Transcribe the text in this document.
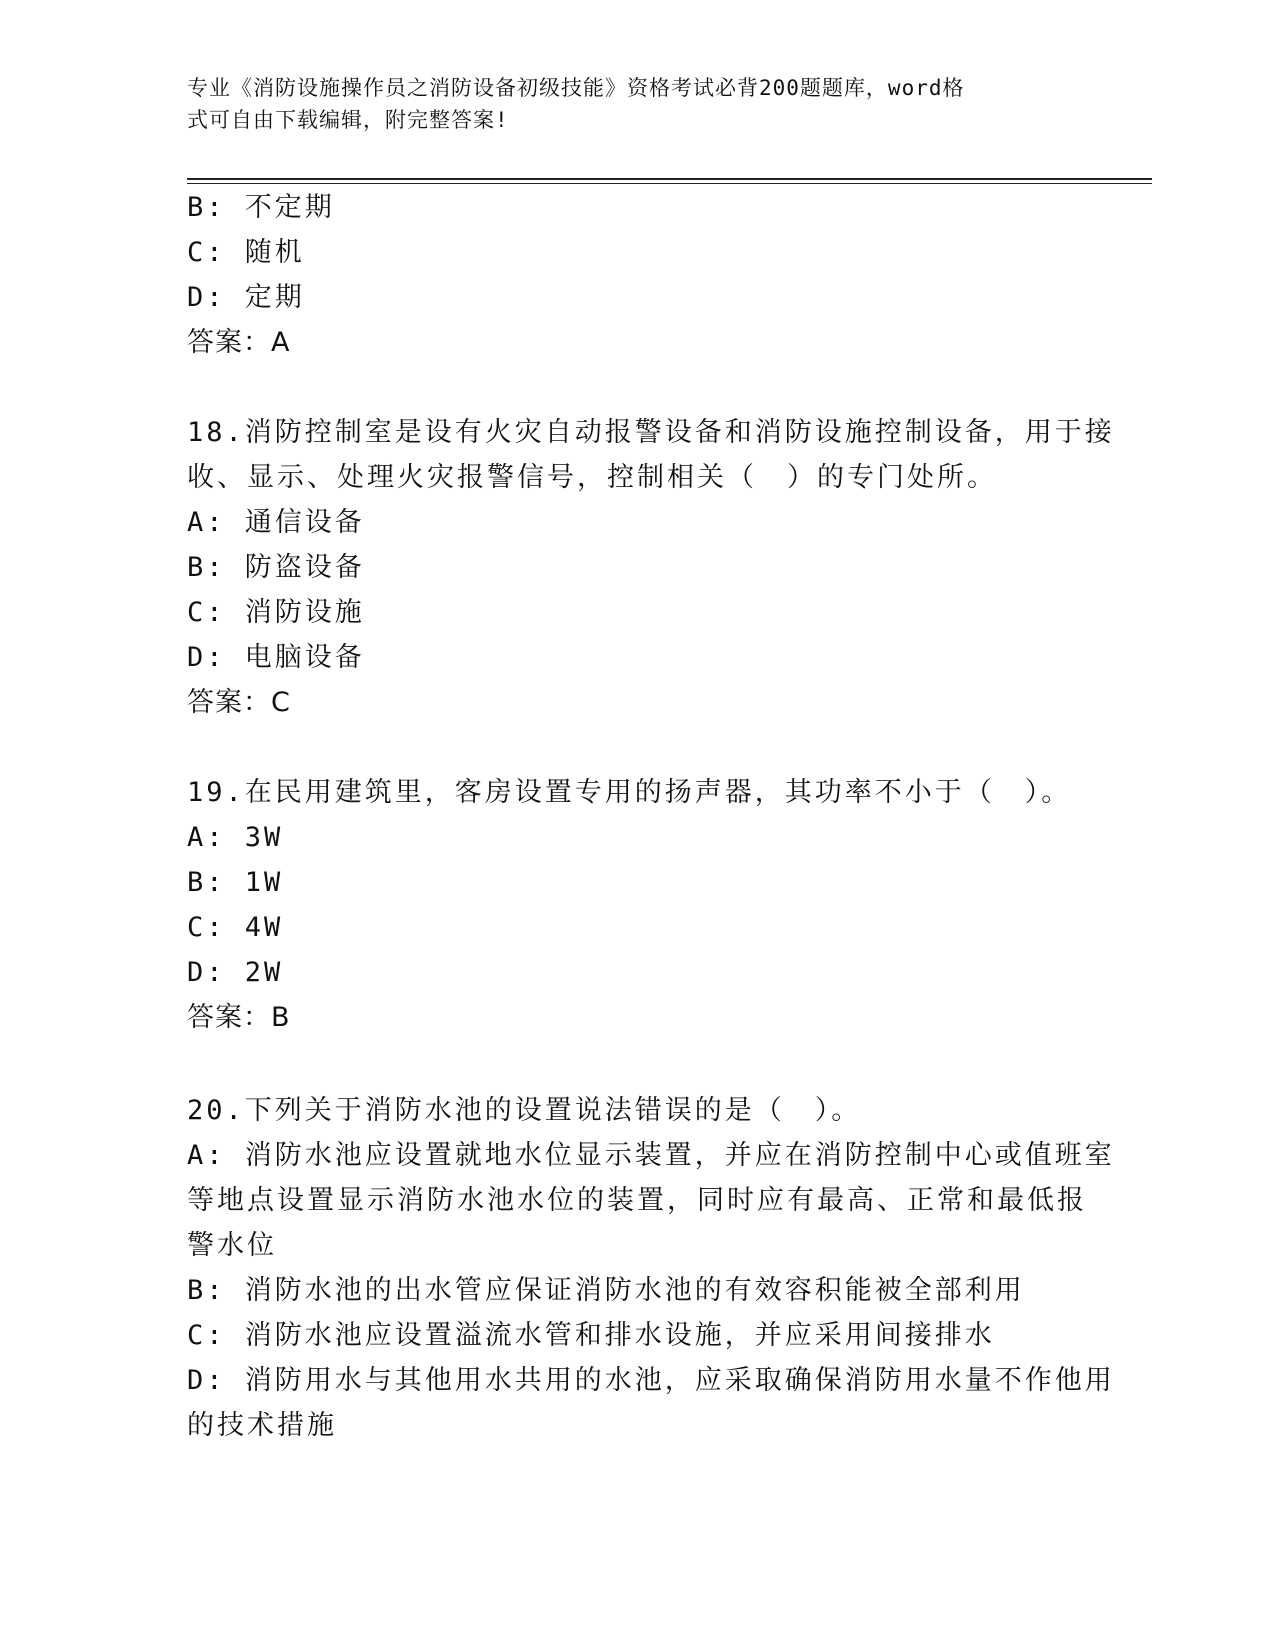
专业《消防设施操作员之消防设备初级技能》资格考试必背200题题库，word格
式可自由下载编辑，附完整答案!
B: 不定期
C: 随机
D: 定期
答案：A
18.消防控制室是设有火灾自动报警设备和消防设施控制设备，用于接
收、显示、处理火灾报警信号，控制相关（　）的专门处所。
A: 通信设备
B: 防盗设备
C: 消防设施
D: 电脑设备
答案：C
19.在民用建筑里，客房设置专用的扬声器，其功率不小于（　）。
A: 3W
B: 1W
C: 4W
D: 2W
答案：B
20.下列关于消防水池的设置说法错误的是（　）。
A: 消防水池应设置就地水位显示装置，并应在消防控制中心或值班室
等地点设置显示消防水池水位的装置，同时应有最高、正常和最低报
警水位
B: 消防水池的出水管应保证消防水池的有效容积能被全部利用
C: 消防水池应设置溢流水管和排水设施，并应采用间接排水
D: 消防用水与其他用水共用的水池，应采取确保消防用水量不作他用
的技术措施
